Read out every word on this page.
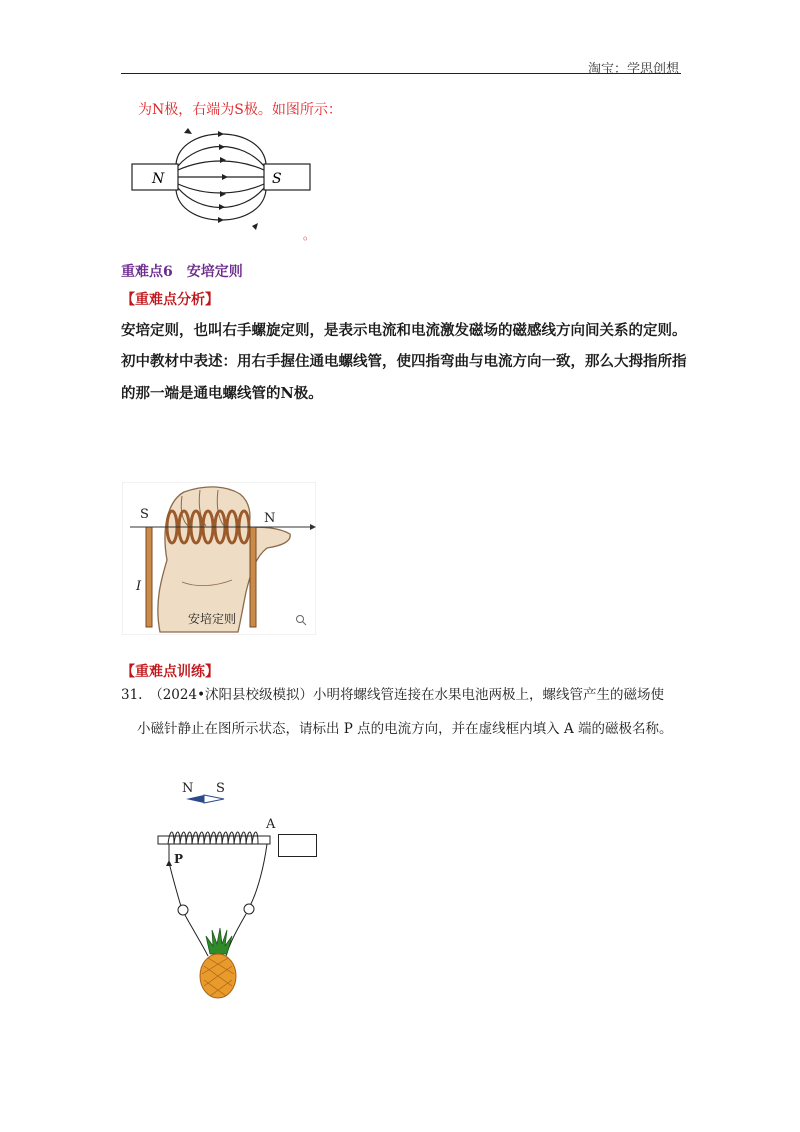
淘宝：学思创想
为N极，右端为S极。如图所示：
N	S
。
重难点6　安培定则
【重难点分析】
安培定则，也叫右手螺旋定则，是表示电流和电流激发磁场的磁感线方向间关系的定则。
初中教材中表述：用右手握住通电螺线管，使四指弯曲与电流方向一致，那么大拇指所指
的那一端是通电螺线管的N极。
S	N
I
安培定则
【重难点训练】
31.　（2024•沭阳县校级模拟）小明将螺线管连接在水果电池两极上，螺线管产生的磁场使
小磁针静止在图所示状态，请标出 P 点的电流方向，并在虚线框内填入 A 端的磁极名称。
N S
A
P
